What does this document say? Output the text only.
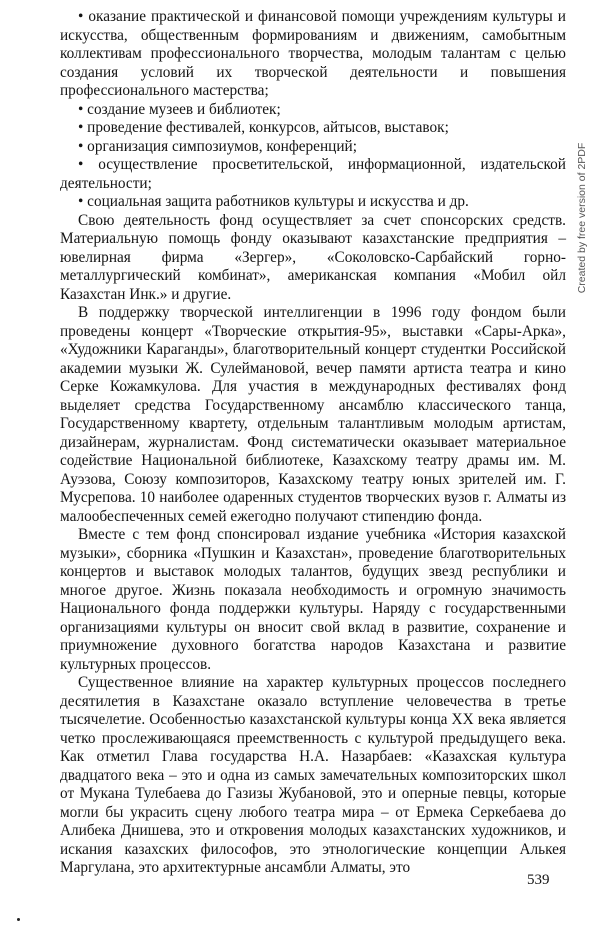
• оказание практической и финансовой помощи учреждениям культуры и искусства, общественным формированиям и движениям, самобытным коллективам профессионального творчества, молодым талантам с целью создания условий их творческой деятельности и повышения профессионального мастерства;

• создание музеев и библиотек;

• проведение фестивалей, конкурсов, айтысов, выставок;

• организация симпозиумов, конференций;

• осуществление просветительской, информационной, издательской деятельности;

• социальная защита работников культуры и искусства и др.

Свою деятельность фонд осуществляет за счет спонсорских средств. Материальную помощь фонду оказывают казахстанские предприятия – ювелирная фирма «Зергер», «Соколовско-Сарбайский горно-металлургический комбинат», американская компания «Мобил ойл Казахстан Инк.» и другие.

В поддержку творческой интеллигенции в 1996 году фондом были проведены концерт «Творческие открытия-95», выставки «Сары-Арка», «Художники Караганды», благотворительный концерт студентки Российской академии музыки Ж. Сулеймановой, вечер памяти артиста театра и кино Серке Кожамкулова. Для участия в международных фестивалях фонд выделяет средства Государственному ансамблю классического танца, Государственному квартету, отдельным талантливым молодым артистам, дизайнерам, журналистам. Фонд систематически оказывает материальное содействие Национальной библиотеке, Казахскому театру драмы им. М. Ауэзова, Союзу композиторов, Казахскому театру юных зрителей им. Г. Мусрепова. 10 наиболее одаренных студентов творческих вузов г. Алматы из малообеспеченных семей ежегодно получают стипендию фонда.

Вместе с тем фонд спонсировал издание учебника «История казахской музыки», сборника «Пушкин и Казахстан», проведение благотворительных концертов и выставок молодых талантов, будущих звезд республики и многое другое. Жизнь показала необходимость и огромную значимость Национального фонда поддержки культуры. Наряду с государственными организациями культуры он вносит свой вклад в развитие, сохранение и приумножение духовного богатства народов Казахстана и развитие культурных процессов.

Существенное влияние на характер культурных процессов последнего десятилетия в Казахстане оказало вступление человечества в третье тысячелетие. Особенностью казахстанской культуры конца XX века является четко прослеживающаяся преемственность с культурой предыдущего века. Как отметил Глава государства Н.А. Назарбаев: «Казахская культура двадцатого века – это и одна из самых замечательных композиторских школ от Мукана Тулебаева до Газизы Жубановой, это и оперные певцы, которые могли бы украсить сцену любого театра мира – от Ермека Серкебаева до Алибека Днишева, это и откровения молодых казахстанских художников, и искания казахских философов, это этнологические концепции Алькея Маргулана, это архитектурные ансамбли Алматы, это

Created by free version of 2PDF
539
